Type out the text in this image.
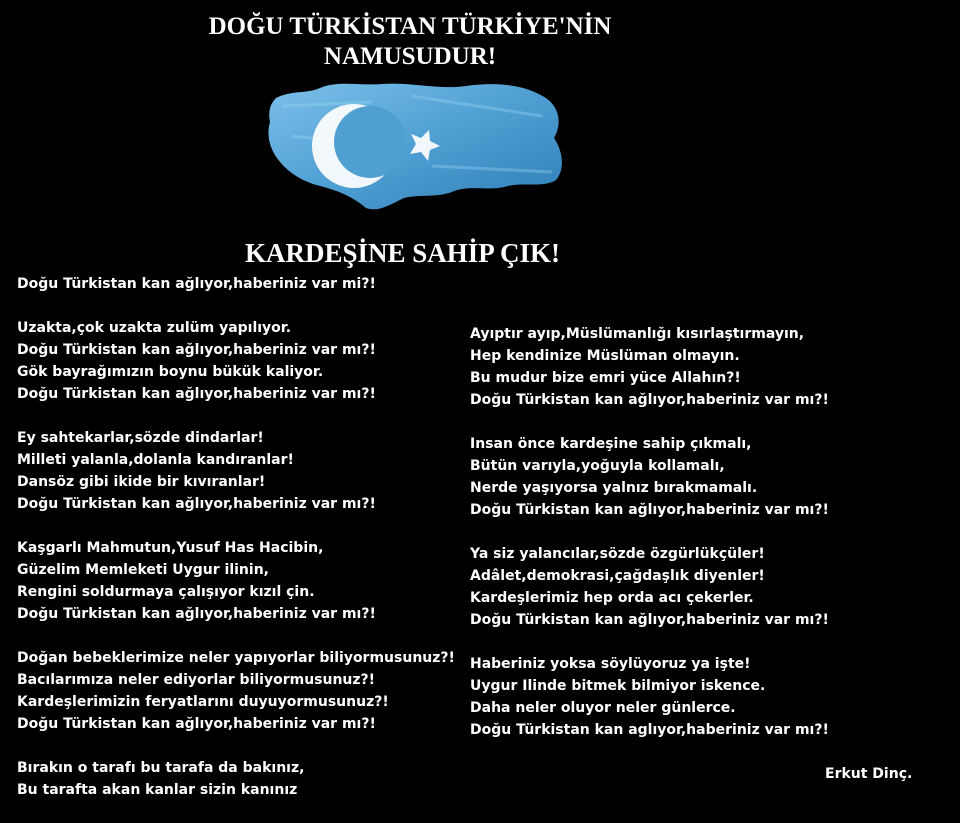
DOĞU TÜRKİSTAN TÜRKİYE'NİN
NAMUSUDUR!
KARDEŞİNE SAHİP ÇIK!
Doğu Türkistan kan ağlıyor,haberiniz var mi?!
Uzakta,çok uzakta zulüm yapılıyor.
Doğu Türkistan kan ağlıyor,haberiniz var mı?!
Gök bayrağımızın boynu bükük kaliyor.
Doğu Türkistan kan ağlıyor,haberiniz var mı?!
Ey sahtekarlar,sözde dindarlar!
Milleti yalanla,dolanla kandıranlar!
Dansöz gibi ikide bir kıvıranlar!
Doğu Türkistan kan ağlıyor,haberiniz var mı?!
Kaşgarlı Mahmutun,Yusuf Has Hacibin,
Güzelim Memleketi Uygur ilinin,
Rengini soldurmaya çalışıyor kızıl çin.
Doğu Türkistan kan ağlıyor,haberiniz var mı?!
Doğan bebeklerimize neler yapıyorlar biliyormusunuz?!
Bacılarımıza neler ediyorlar biliyormusunuz?!
Kardeşlerimizin feryatlarını duyuyormusunuz?!
Doğu Türkistan kan ağlıyor,haberiniz var mı?!
Bırakın o tarafı bu tarafa da bakınız,
Bu tarafta akan kanlar sizin kanınız
Ayıptır ayıp,Müslümanlığı kısırlaştırmayın,
Hep kendinize Müslüman olmayın.
Bu mudur bize emri yüce Allahın?!
Doğu Türkistan kan ağlıyor,haberiniz var mı?!
Insan önce kardeşine sahip çıkmalı,
Bütün varıyla,yoğuyla kollamalı,
Nerde yaşıyorsa yalnız bırakmamalı.
Doğu Türkistan kan ağlıyor,haberiniz var mı?!
Ya siz yalancılar,sözde özgürlükçüler!
Adâlet,demokrasi,çağdaşlık diyenler!
Kardeşlerimiz hep orda acı çekerler.
Doğu Türkistan kan ağlıyor,haberiniz var mı?!
Haberiniz yoksa söylüyoruz ya işte!
Uygur Ilinde bitmek bilmiyor iskence.
Daha neler oluyor neler günlerce.
Doğu Türkistan kan aglıyor,haberiniz var mı?!
Erkut Dinç.
